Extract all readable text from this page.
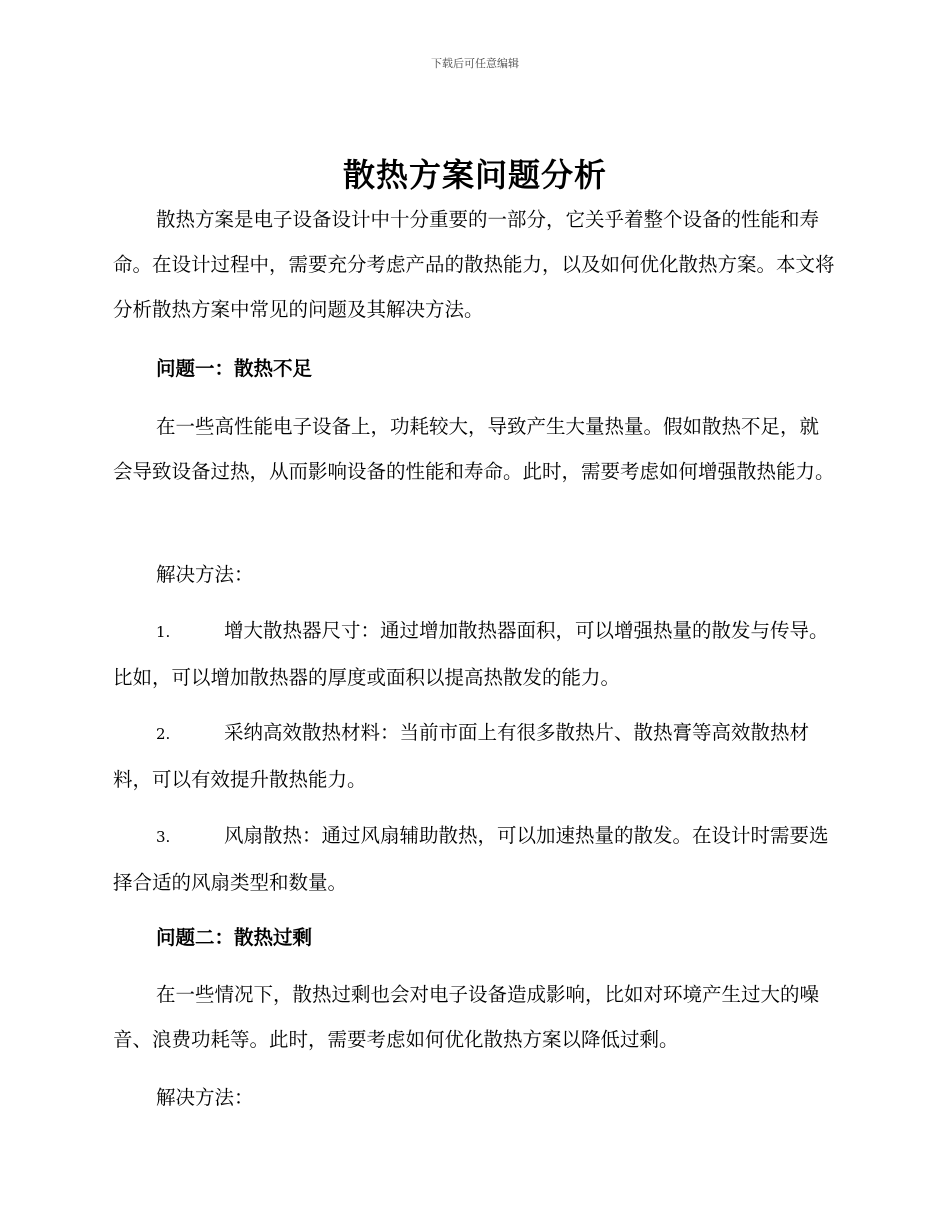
下载后可任意编辑
散热方案问题分析

散热方案是电子设备设计中十分重要的一部分，它关乎着整个设备的性能和寿命。在设计过程中，需要充分考虑产品的散热能力，以及如何优化散热方案。本文将分析散热方案中常见的问题及其解决方法。

问题一：散热不足

在一些高性能电子设备上，功耗较大，导致产生大量热量。假如散热不足，就会导致设备过热，从而影响设备的性能和寿命。此时，需要考虑如何增强散热能力。

解决方法：

1.	增大散热器尺寸：通过增加散热器面积，可以增强热量的散发与传导。比如，可以增加散热器的厚度或面积以提高热散发的能力。

2.	采纳高效散热材料：当前市面上有很多散热片、散热膏等高效散热材料，可以有效提升散热能力。

3.	风扇散热：通过风扇辅助散热，可以加速热量的散发。在设计时需要选择合适的风扇类型和数量。

问题二：散热过剩

在一些情况下，散热过剩也会对电子设备造成影响，比如对环境产生过大的噪音、浪费功耗等。此时，需要考虑如何优化散热方案以降低过剩。

解决方法：
